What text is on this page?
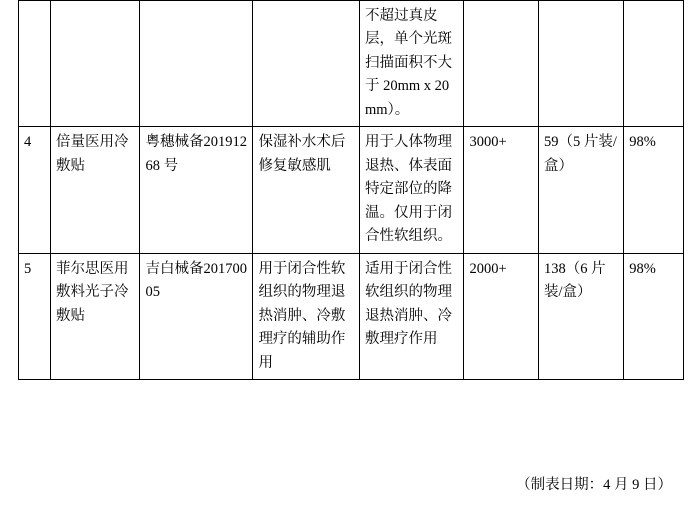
				不超过真皮层，单个光斑扫描面积不大于 20mm x 20mm）。			
4	倍量医用冷敷贴	粤穗械备20191268 号	保湿补水术后修复敏感肌	用于人体物理退热、体表面特定部位的降温。仅用于闭合性软组织。	3000+	59（5 片装/盒）	98%
5	菲尔思医用敷料光子冷敷贴	吉白械备20170005	用于闭合性软组织的物理退热消肿、冷敷理疗的辅助作用	适用于闭合性软组织的物理退热消肿、冷敷理疗作用	2000+	138（6 片装/盒）	98%
（制表日期：4 月 9 日）
